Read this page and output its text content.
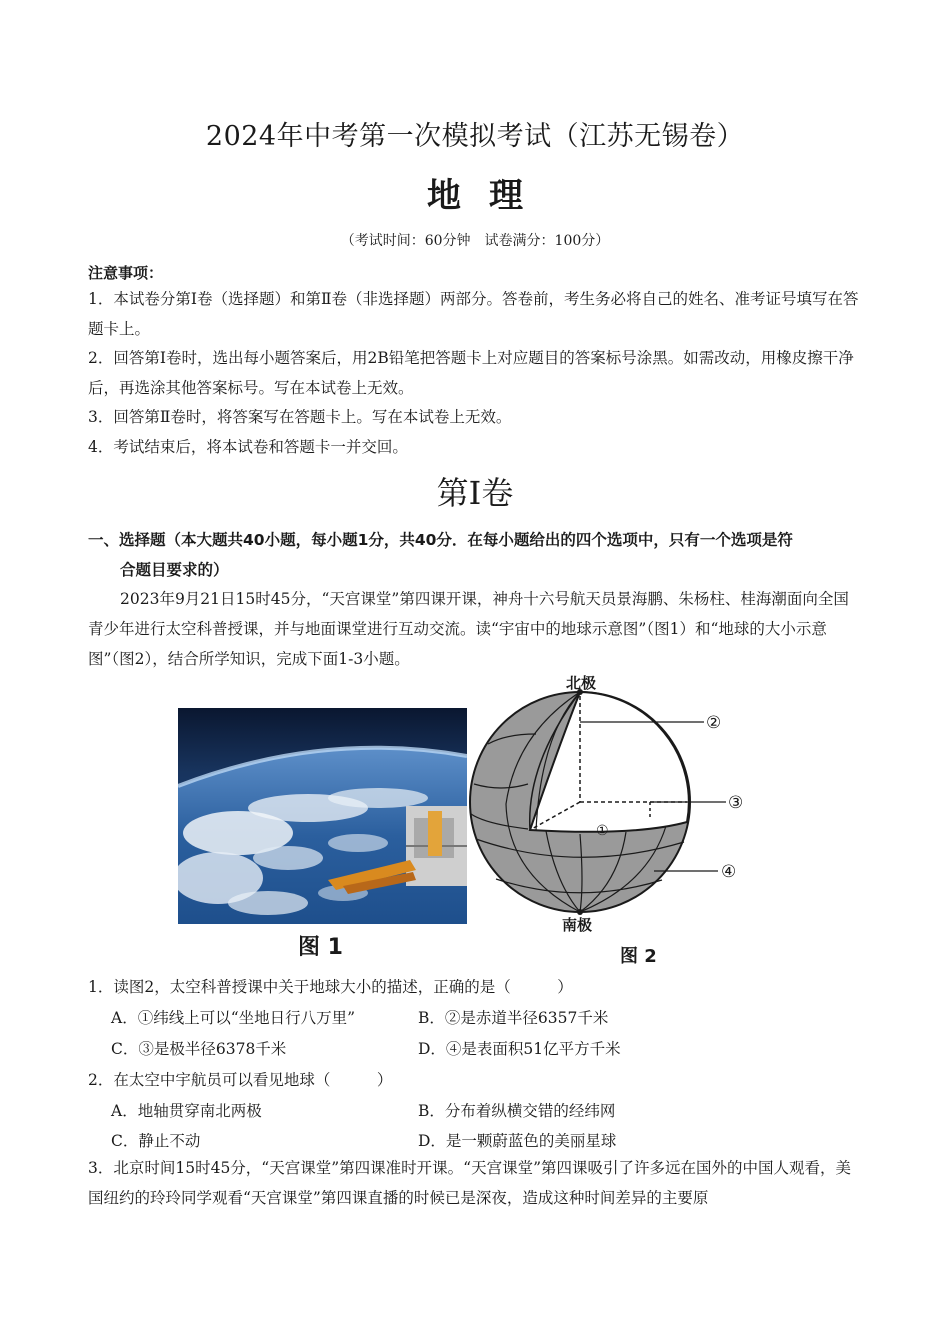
2024年中考第一次模拟考试（江苏无锡卷）
地理
（考试时间：60分钟　试卷满分：100分）
注意事项：
1．本试卷分第Ⅰ卷（选择题）和第Ⅱ卷（非选择题）两部分。答卷前，考生务必将自己的姓名、准考证号填写在答题卡上。
2．回答第Ⅰ卷时，选出每小题答案后，用2B铅笔把答题卡上对应题目的答案标号涂黑。如需改动，用橡皮擦干净后，再选涂其他答案标号。写在本试卷上无效。
3．回答第Ⅱ卷时，将答案写在答题卡上。写在本试卷上无效。
4．考试结束后，将本试卷和答题卡一并交回。
第Ⅰ卷
一、选择题（本大题共40小题，每小题1分，共40分．在每小题给出的四个选项中，只有一个选项是符
合题目要求的）
2023年9月21日15时45分，“天宫课堂”第四课开课，神舟十六号航天员景海鹏、朱杨柱、桂海潮面向全国青少年进行太空科普授课，并与地面课堂进行互动交流。读“宇宙中的地球示意图”（图1）和“地球的大小示意图”（图2），结合所学知识，完成下面1-3小题。
图 1
北极
南极
①
②
③
④
图 2
1．读图2，太空科普授课中关于地球大小的描述，正确的是（　　　）
A．①纬线上可以“坐地日行八万里”	B．②是赤道半径6357千米
C．③是极半径6378千米	D．④是表面积51亿平方千米
2．在太空中宇航员可以看见地球（　　　）
A．地轴贯穿南北两极	B．分布着纵横交错的经纬网
C．静止不动	D．是一颗蔚蓝色的美丽星球
3．北京时间15时45分，“天宫课堂”第四课准时开课。“天宫课堂”第四课吸引了许多远在国外的中国人观看，美国纽约的玲玲同学观看“天宫课堂”第四课直播的时候已是深夜，造成这种时间差异的主要原
